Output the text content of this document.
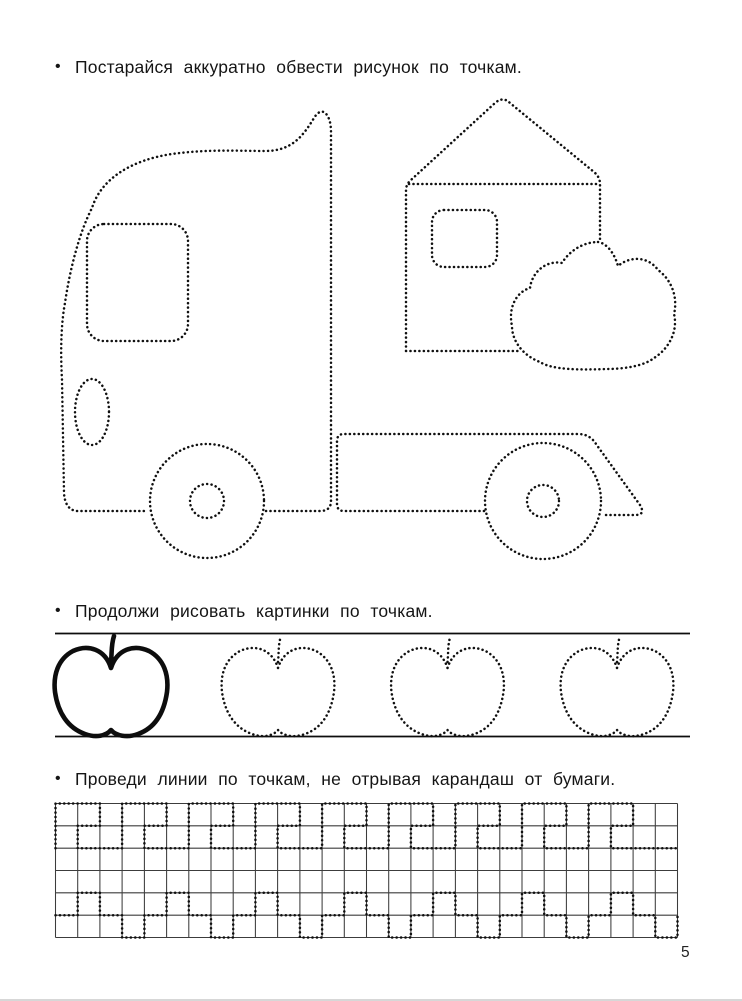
• Постарайся аккуратно обвести рисунок по точкам.
• Продолжи рисовать картинки по точкам.
• Проведи линии по точкам, не отрывая карандаш от бумаги.
5
